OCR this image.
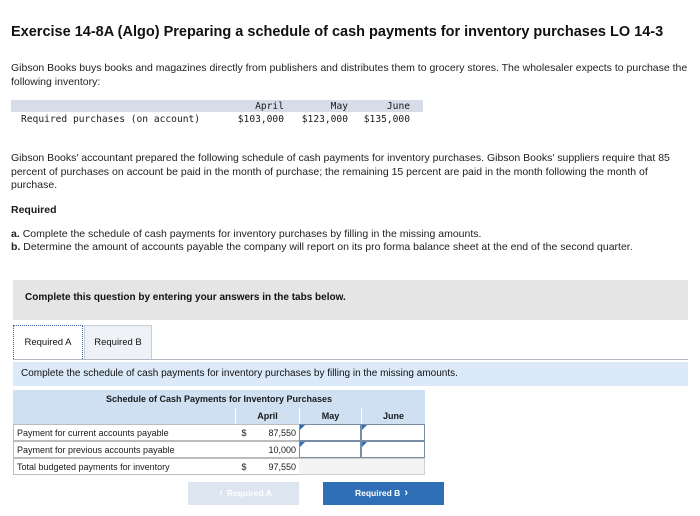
Exercise 14-8A (Algo) Preparing a schedule of cash payments for inventory purchases LO 14-3
Gibson Books buys books and magazines directly from publishers and distributes them to grocery stores. The wholesaler expects to purchase the following inventory:
Required purchases (on account)
April	May	June
$103,000	$123,000	$135,000
Gibson Books' accountant prepared the following schedule of cash payments for inventory purchases. Gibson Books' suppliers require that 85 percent of purchases on account be paid in the month of purchase; the remaining 15 percent are paid in the month following the month of purchase.
Required
a. Complete the schedule of cash payments for inventory purchases by filling in the missing amounts.
b. Determine the amount of accounts payable the company will report on its pro forma balance sheet at the end of the second quarter.
Complete this question by entering your answers in the tabs below.
Required A	Required B
Complete the schedule of cash payments for inventory purchases by filling in the missing amounts.
Schedule of Cash Payments for Inventory Purchases
April	May	June
Payment for current accounts payable	$	87,550
Payment for previous accounts payable	10,000
Total budgeted payments for inventory	$	97,550
‹ Required A	Required B ›
